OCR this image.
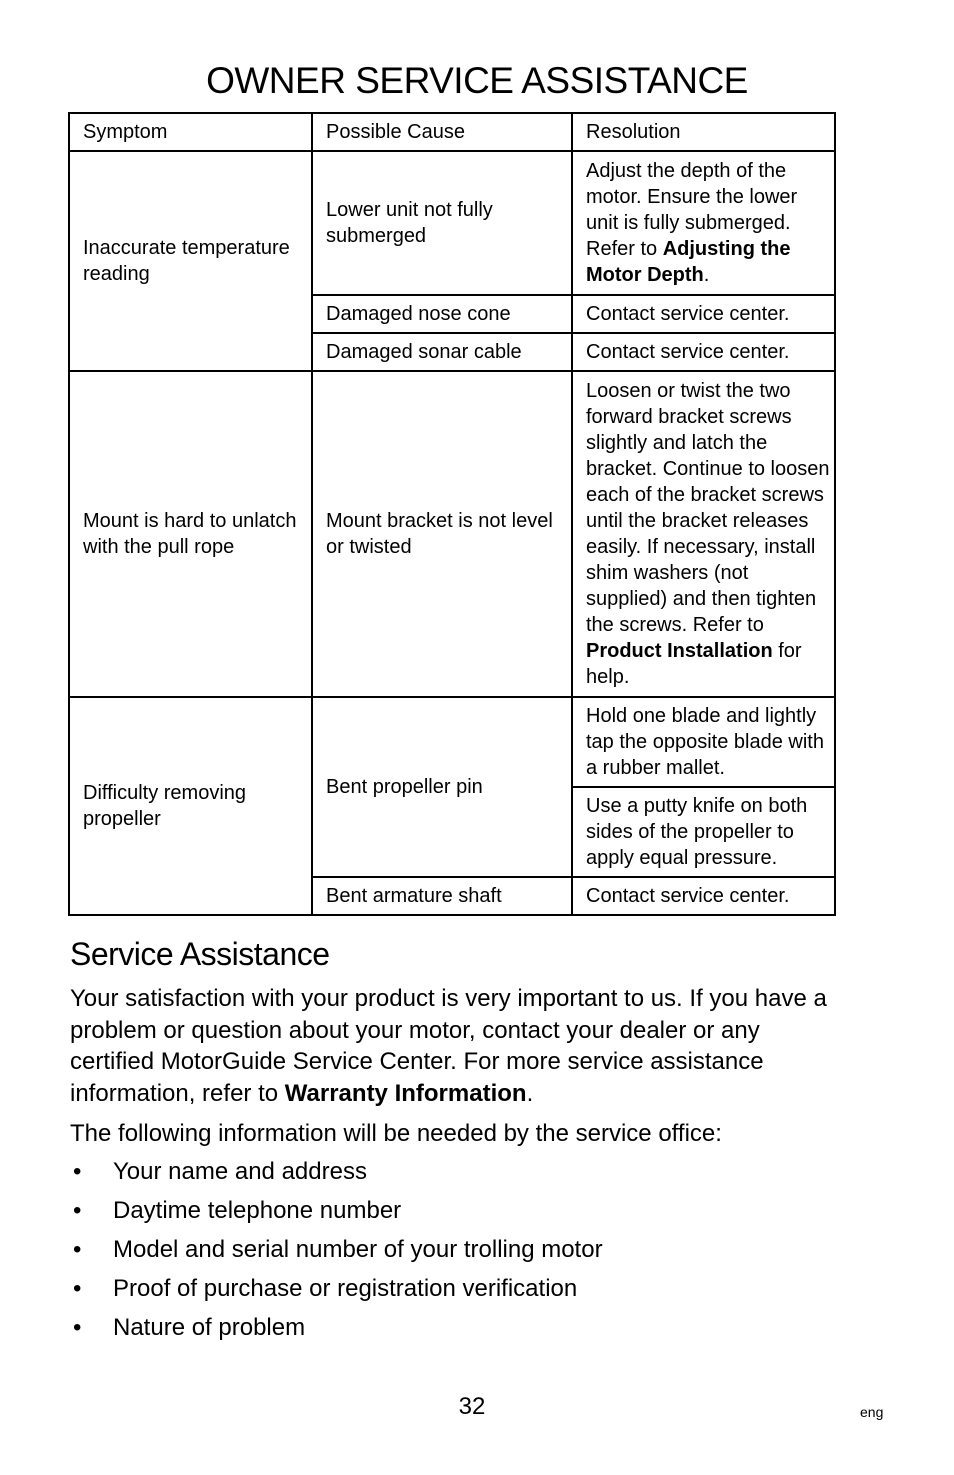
OWNER SERVICE ASSISTANCE
Symptom	Possible Cause	Resolution
Inaccurate temperature reading	Lower unit not fully submerged	Adjust the depth of the motor. Ensure the lower unit is fully submerged. Refer to Adjusting the Motor Depth.
	Damaged nose cone	Contact service center.
	Damaged sonar cable	Contact service center.
Mount is hard to unlatch with the pull rope	Mount bracket is not level or twisted	Loosen or twist the two forward bracket screws slightly and latch the bracket. Continue to loosen each of the bracket screws until the bracket releases easily. If necessary, install shim washers (not supplied) and then tighten the screws. Refer to Product Installation for help.
Difficulty removing propeller	Bent propeller pin	Hold one blade and lightly tap the opposite blade with a rubber mallet.
		Use a putty knife on both sides of the propeller to apply equal pressure.
	Bent armature shaft	Contact service center.
Service Assistance
Your satisfaction with your product is very important to us. If you have a problem or question about your motor, contact your dealer or any certified MotorGuide Service Center. For more service assistance information, refer to Warranty Information.
The following information will be needed by the service office:
• Your name and address
• Daytime telephone number
• Model and serial number of your trolling motor
• Proof of purchase or registration verification
• Nature of problem
32	eng
